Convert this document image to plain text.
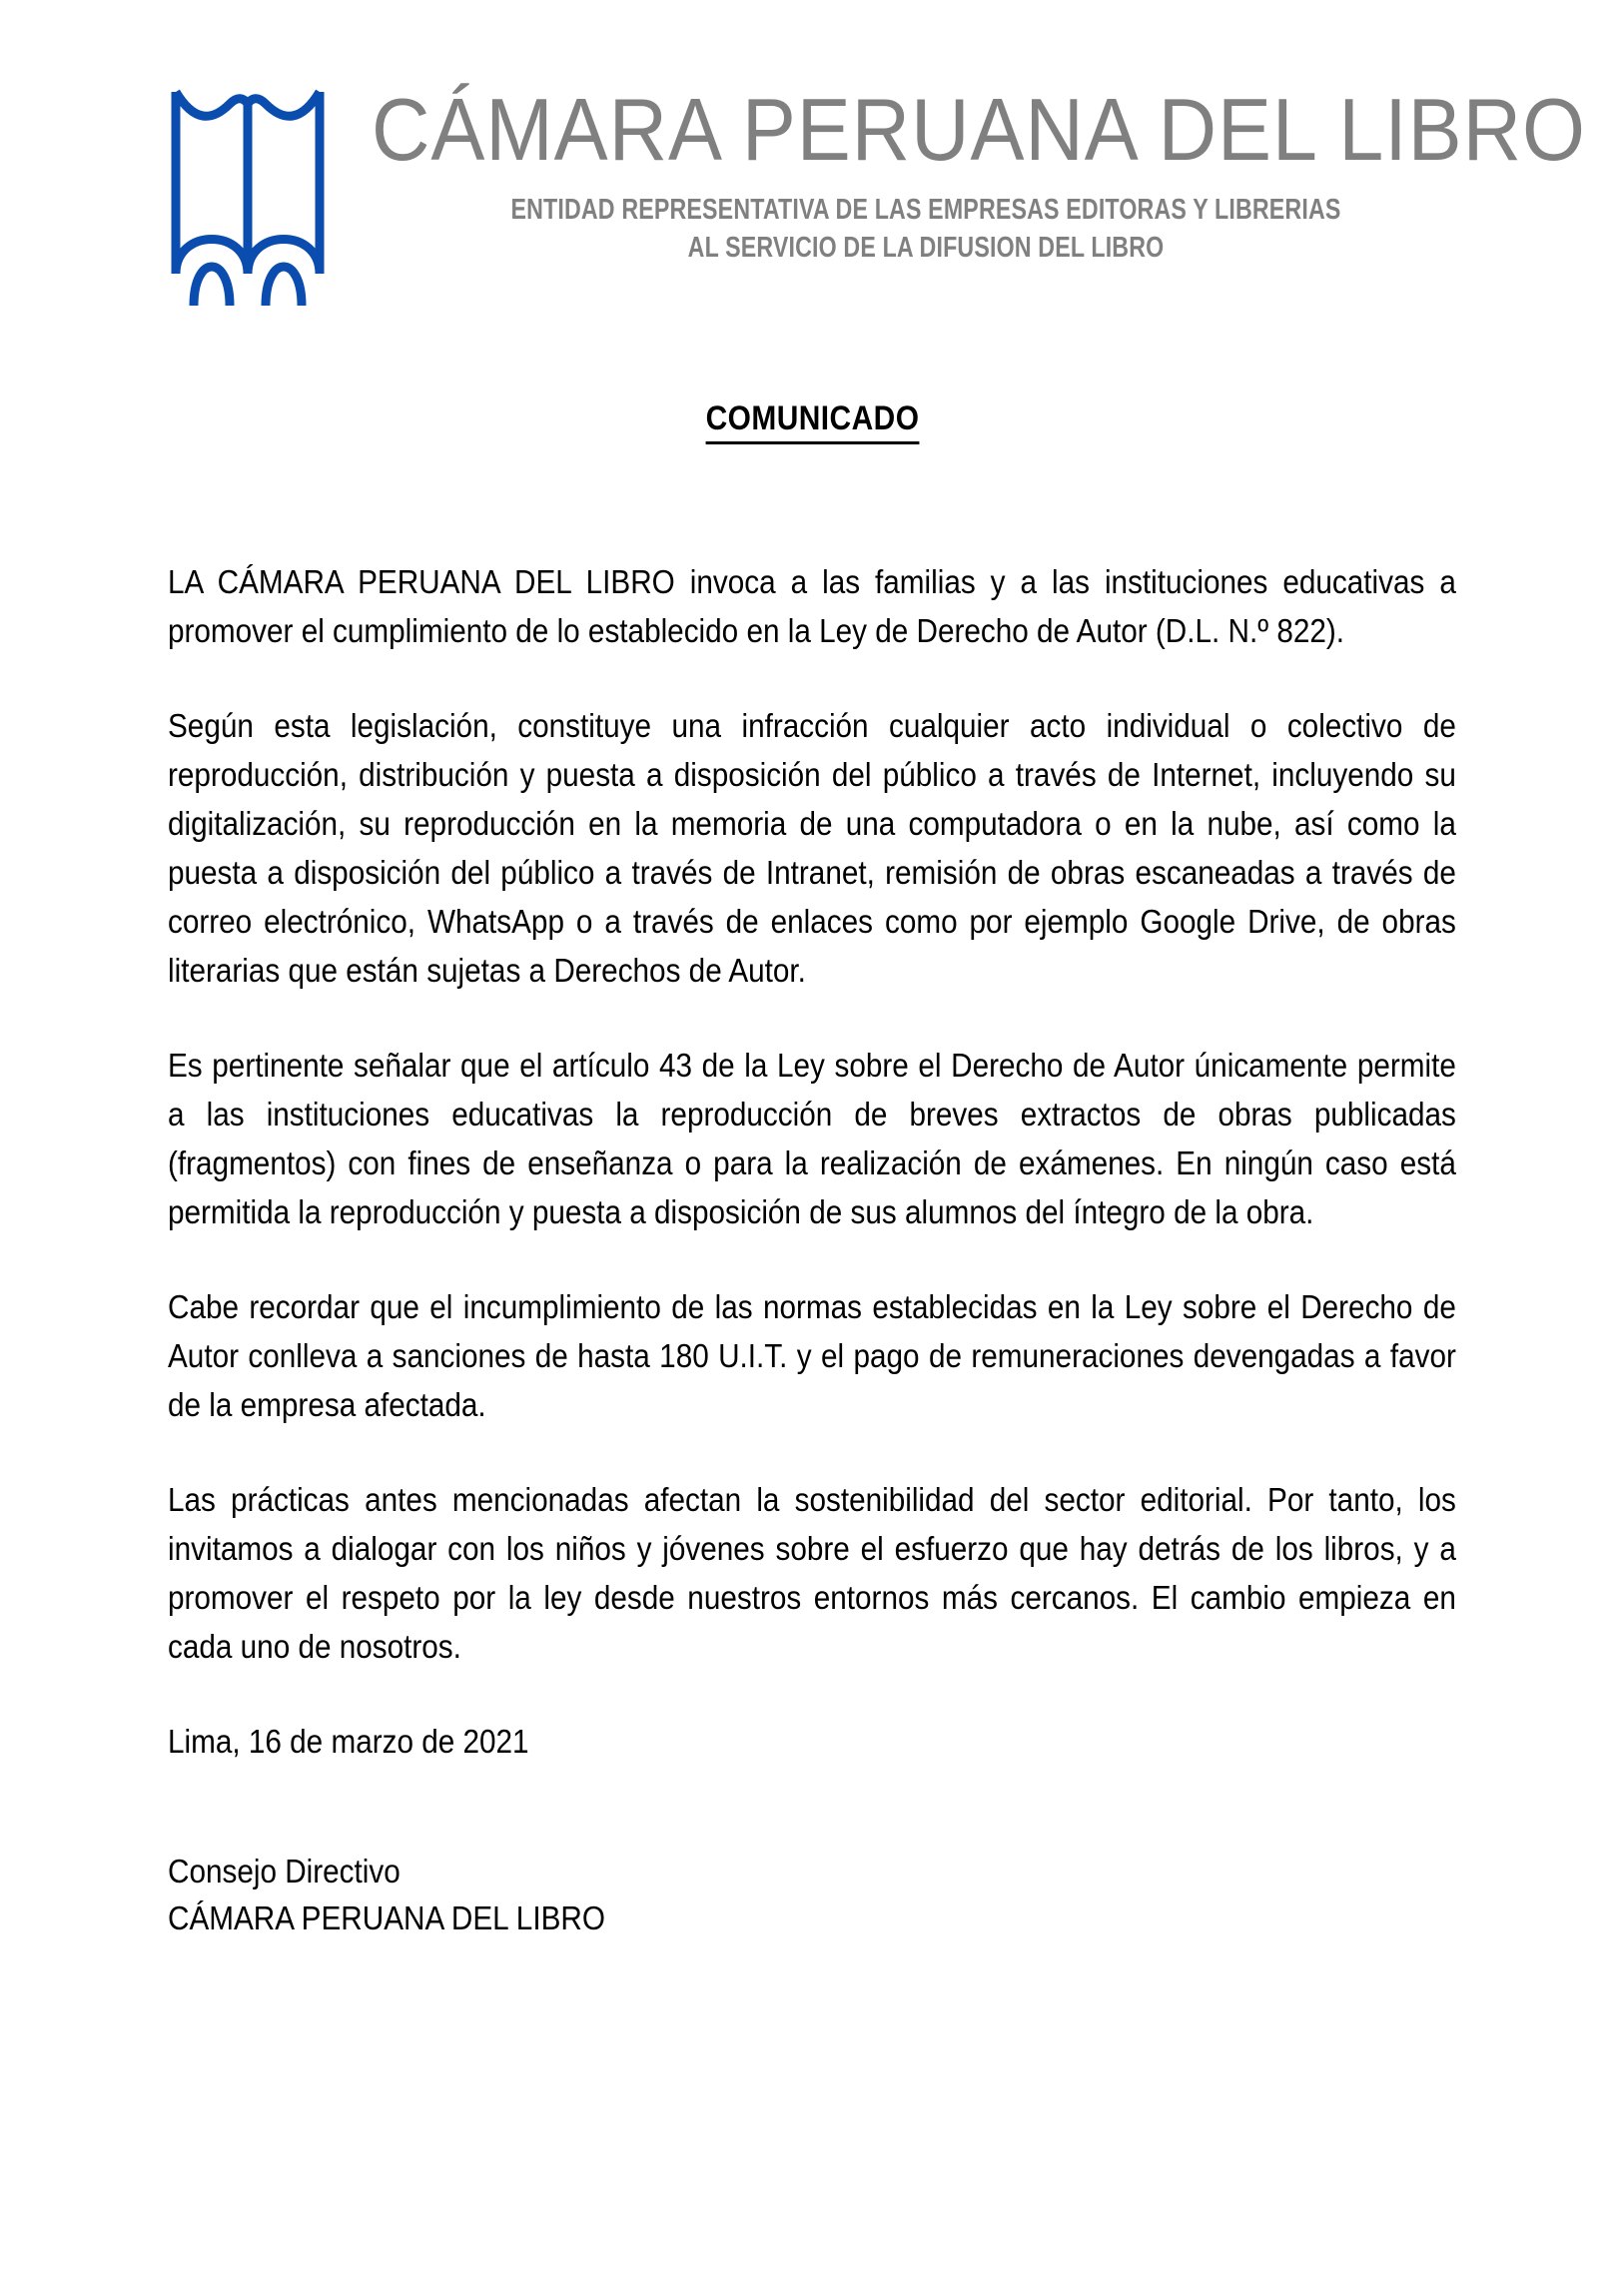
CÁMARA PERUANA DEL LIBRO
ENTIDAD REPRESENTATIVA DE LAS EMPRESAS EDITORAS Y LIBRERIAS
AL SERVICIO DE LA DIFUSION DEL LIBRO
COMUNICADO

LA CÁMARA PERUANA DEL LIBRO invoca a las familias y a las instituciones educativas a promover el cumplimiento de lo establecido en la Ley de Derecho de Autor (D.L. N.º 822).

Según esta legislación, constituye una infracción cualquier acto individual o colectivo de reproducción, distribución y puesta a disposición del público a través de Internet, incluyendo su digitalización, su reproducción en la memoria de una computadora o en la nube, así como la puesta a disposición del público a través de Intranet, remisión de obras escaneadas a través de correo electrónico, WhatsApp o a través de enlaces como por ejemplo Google Drive, de obras literarias que están sujetas a Derechos de Autor.

Es pertinente señalar que el artículo 43 de la Ley sobre el Derecho de Autor únicamente permite a las instituciones educativas la reproducción de breves extractos de obras publicadas (fragmentos) con fines de enseñanza o para la realización de exámenes. En ningún caso está permitida la reproducción y puesta a disposición de sus alumnos del íntegro de la obra.

Cabe recordar que el incumplimiento de las normas establecidas en la Ley sobre el Derecho de Autor conlleva a sanciones de hasta 180 U.I.T. y el pago de remuneraciones devengadas a favor de la empresa afectada.

Las prácticas antes mencionadas afectan la sostenibilidad del sector editorial. Por tanto, los invitamos a dialogar con los niños y jóvenes sobre el esfuerzo que hay detrás de los libros, y a promover el respeto por la ley desde nuestros entornos más cercanos. El cambio empieza en cada uno de nosotros.

Lima, 16 de marzo de 2021

Consejo Directivo
CÁMARA PERUANA DEL LIBRO
